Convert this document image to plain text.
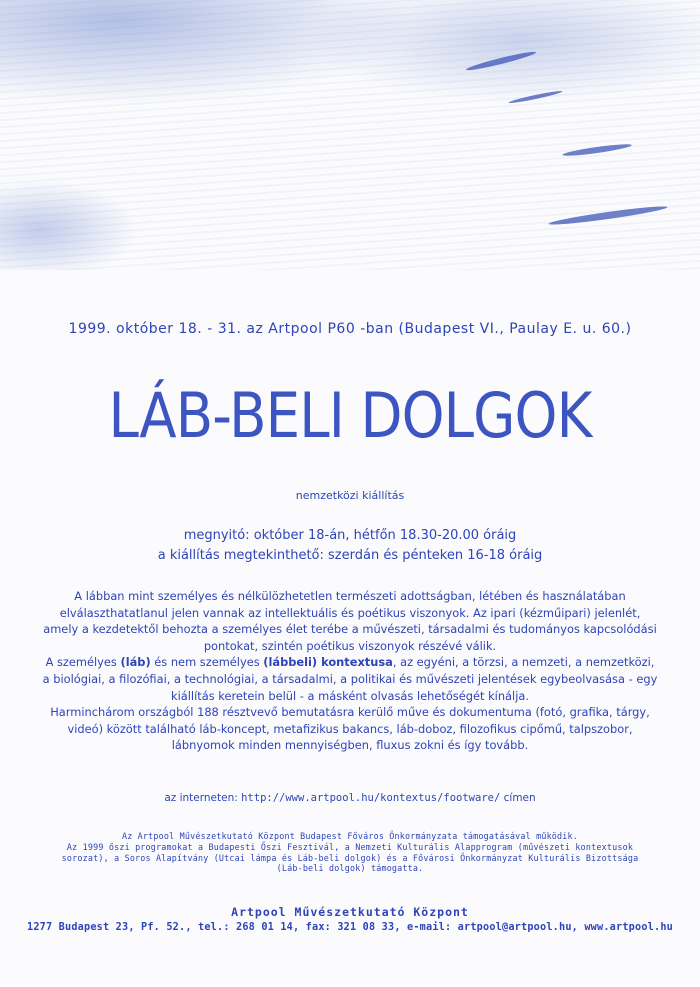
1999. október 18. - 31. az Artpool P60 -ban (Budapest VI., Paulay E. u. 60.)
LÁB-BELI DOLGOK
nemzetközi kiállítás
megnyitó: október 18-án, hétfőn 18.30-20.00 óráig
a kiállítás megtekinthető: szerdán és pénteken 16-18 óráig

A lábban mint személyes és nélkülözhetetlen természeti adottságban, létében és használatában elválaszthatatlanul jelen vannak az intellektuális és poétikus viszonyok. Az ipari (kézműipari) jelenlét, amely a kezdetektől behozta a személyes élet terébe a művészeti, társadalmi és tudományos kapcsolódási pontokat, szintén poétikus viszonyok részévé válik.

A személyes (láb) és nem személyes (lábbeli) kontextusa, az egyéni, a törzsi, a nemzeti, a nemzetközi, a biológiai, a filozófiai, a technológiai, a társadalmi, a politikai és művészeti jelentések egybeolvasása - egy kiállítás keretein belül - a másként olvasás lehetőségét kínálja.

Harminchárom országból 188 résztvevő bemutatásra kerülő műve és dokumentuma (fotó, grafika, tárgy, videó) között található láb-koncept, metafizikus bakancs, láb-doboz, filozofikus cipőmű, talpszobor, lábnyomok minden mennyiségben, fluxus zokni és így tovább.

az interneten: http://www.artpool.hu/kontextus/footware/ címen
Az Artpool Művészetkutató Központ Budapest Főváros Önkormányzata támogatásával működik.
Az 1999 őszi programokat a Budapesti Őszi Fesztivál, a Nemzeti Kulturális Alapprogram (művészeti kontextusok
sorozat), a Soros Alapítvány (Utcai lámpa és Láb-beli dolgok) és a Fővárosi Önkormányzat Kulturális Bizottsága
(Láb-beli dolgok) támogatta.
Artpool Művészetkutató Központ
1277 Budapest 23, Pf. 52., tel.: 268 01 14, fax: 321 08 33, e-mail: artpool@artpool.hu, www.artpool.hu
